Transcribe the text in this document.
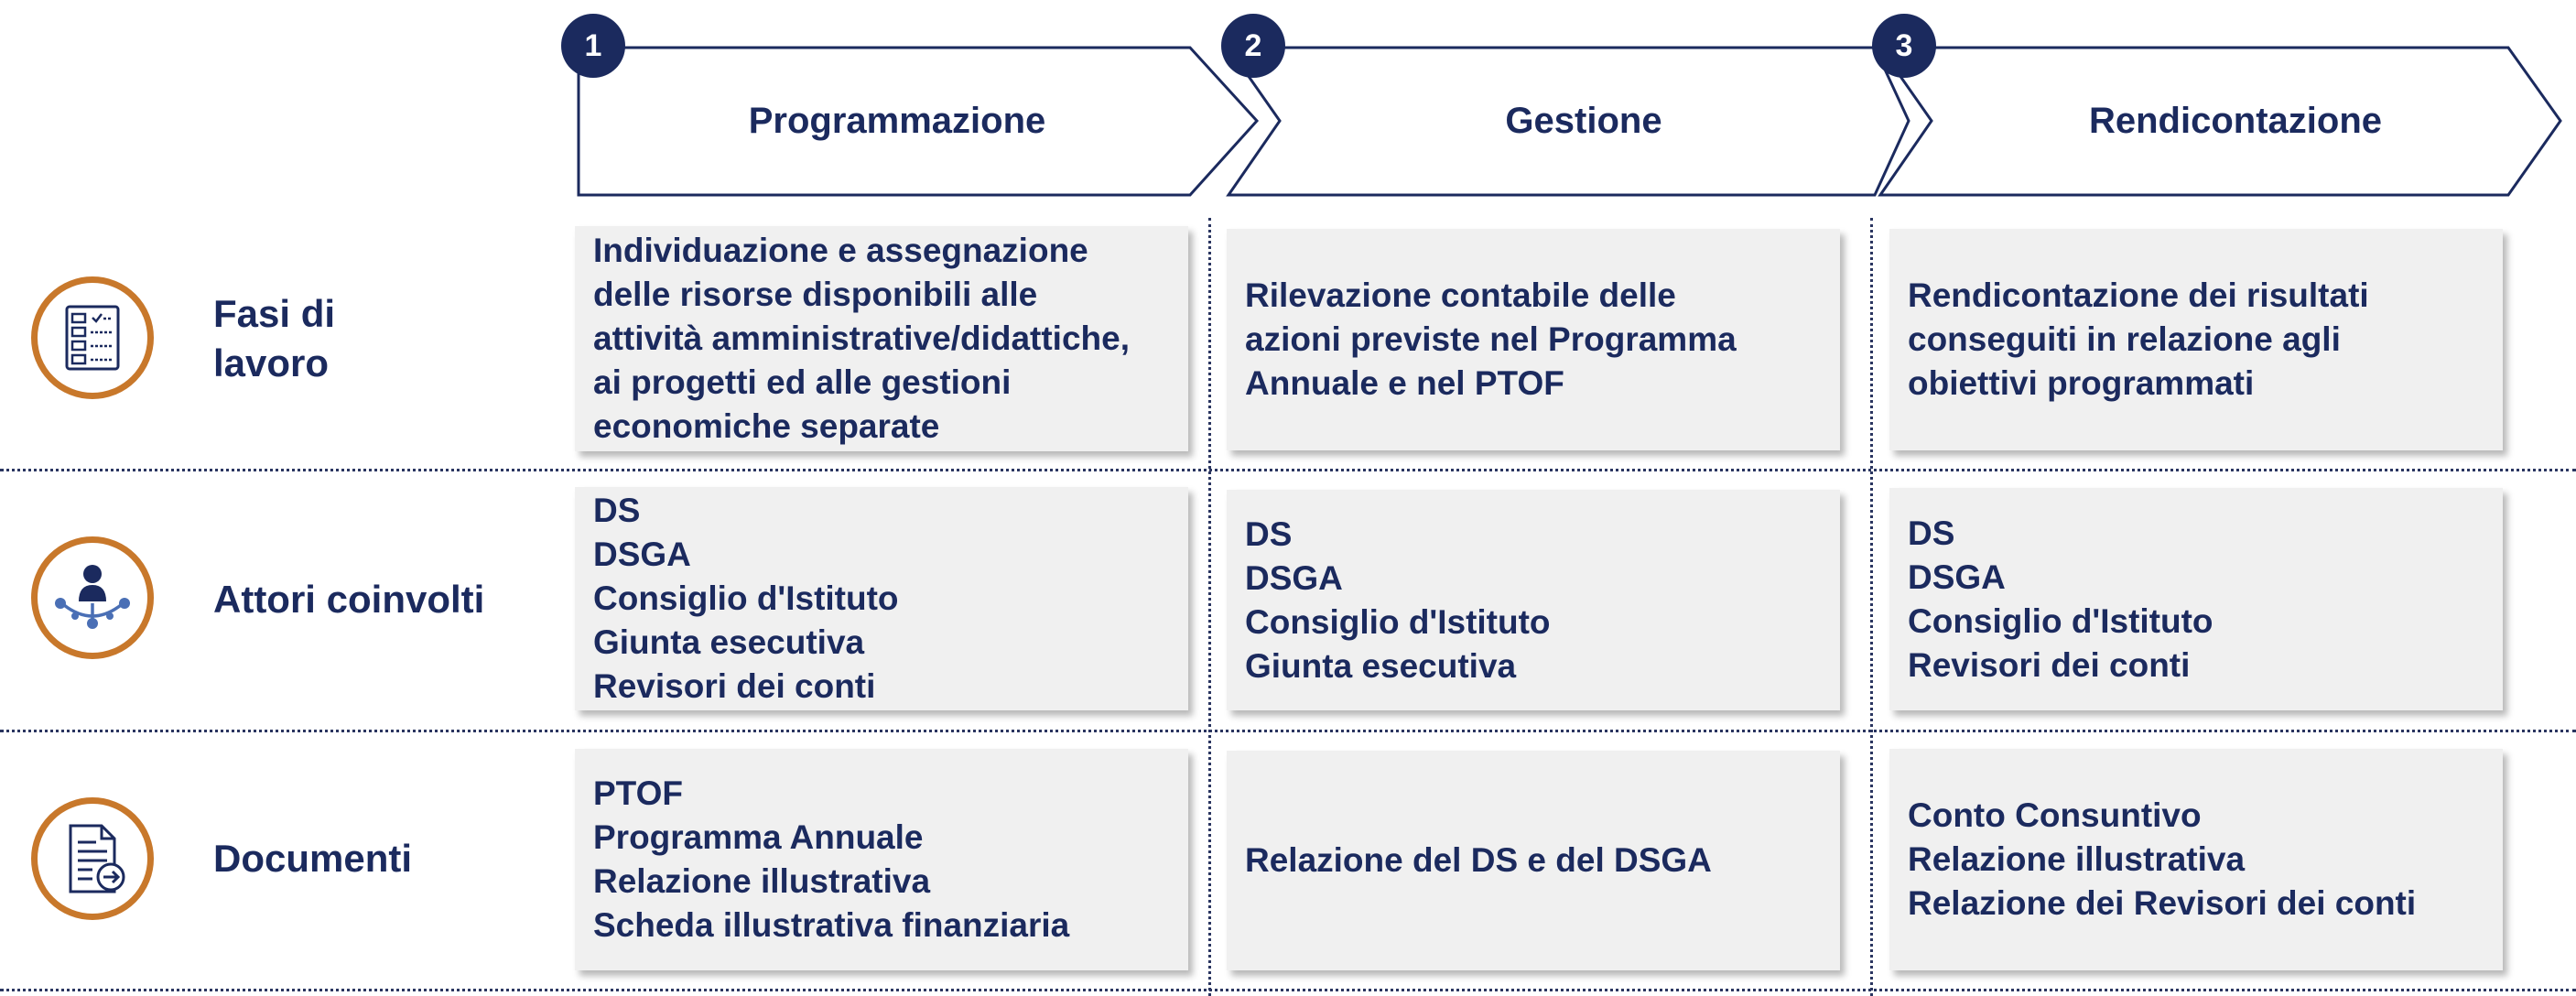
Programmazione
1
Gestione
2
Rendicontazione
3
Fasi di
lavoro
Individuazione e assegnazione
delle risorse disponibili alle
attività amministrative/didattiche,
ai progetti ed alle gestioni
economiche separate
Rilevazione contabile delle
azioni previste nel Programma
Annuale e nel PTOF
Rendicontazione dei risultati
conseguiti in relazione agli
obiettivi programmati
Attori coinvolti
DS
DSGA
Consiglio d'Istituto
Giunta esecutiva
Revisori dei conti
DS
DSGA
Consiglio d'Istituto
Giunta esecutiva
DS
DSGA
Consiglio d'Istituto
Revisori dei conti
Documenti
PTOF
Programma Annuale
Relazione illustrativa
Scheda illustrativa finanziaria
Relazione del DS e del DSGA
Conto Consuntivo
Relazione illustrativa
Relazione dei Revisori dei conti
